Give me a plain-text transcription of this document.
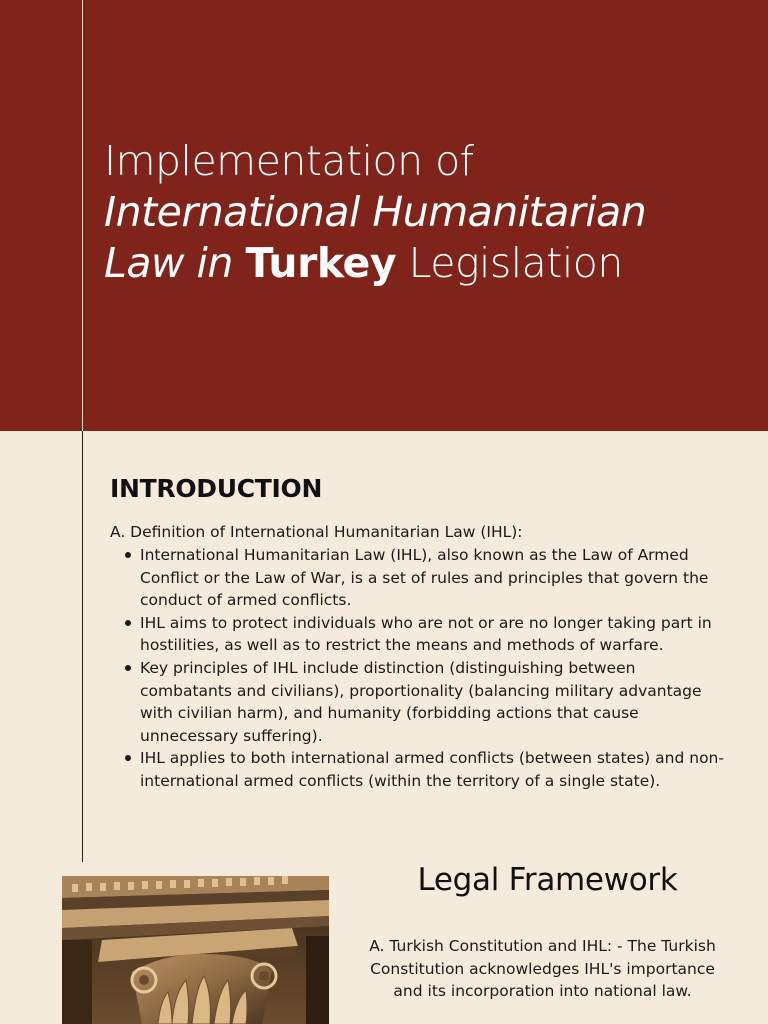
Implementation of
International Humanitarian
Law in Turkey Legislation
INTRODUCTION
A. Definition of International Humanitarian Law (IHL):
International Humanitarian Law (IHL), also known as the Law of Armed Conflict or the Law of War, is a set of rules and principles that govern the conduct of armed conflicts.
IHL aims to protect individuals who are not or are no longer taking part in hostilities, as well as to restrict the means and methods of warfare.
Key principles of IHL include distinction (distinguishing between combatants and civilians), proportionality (balancing military advantage with civilian harm), and humanity (forbidding actions that cause unnecessary suffering).
IHL applies to both international armed conflicts (between states) and non-international armed conflicts (within the territory of a single state).
Legal Framework
A. Turkish Constitution and IHL: - The Turkish Constitution acknowledges IHL's importance and its incorporation into national law.
